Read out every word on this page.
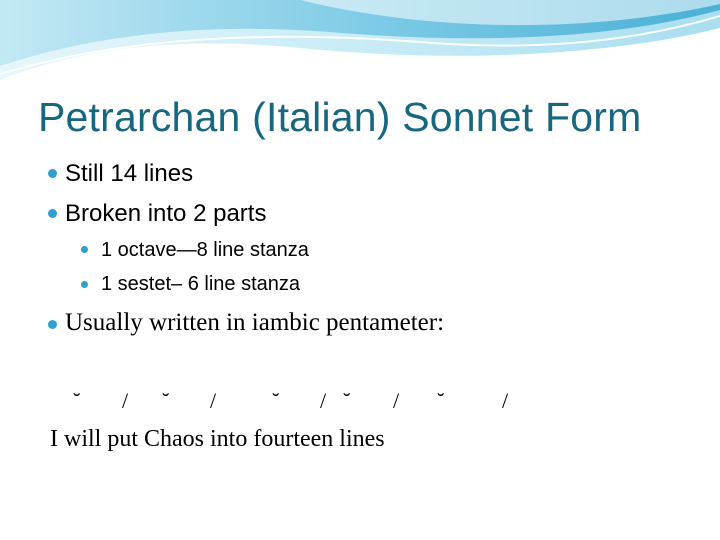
Petrarchan (Italian) Sonnet Form
Still 14 lines
Broken into 2 parts
1 octave—8 line stanza
1 sestet– 6 line stanza
Usually written in iambic pentameter:
˘ / ˘ /	˘ / ˘ / ˘	/
I will put Chaos into fourteen lines
